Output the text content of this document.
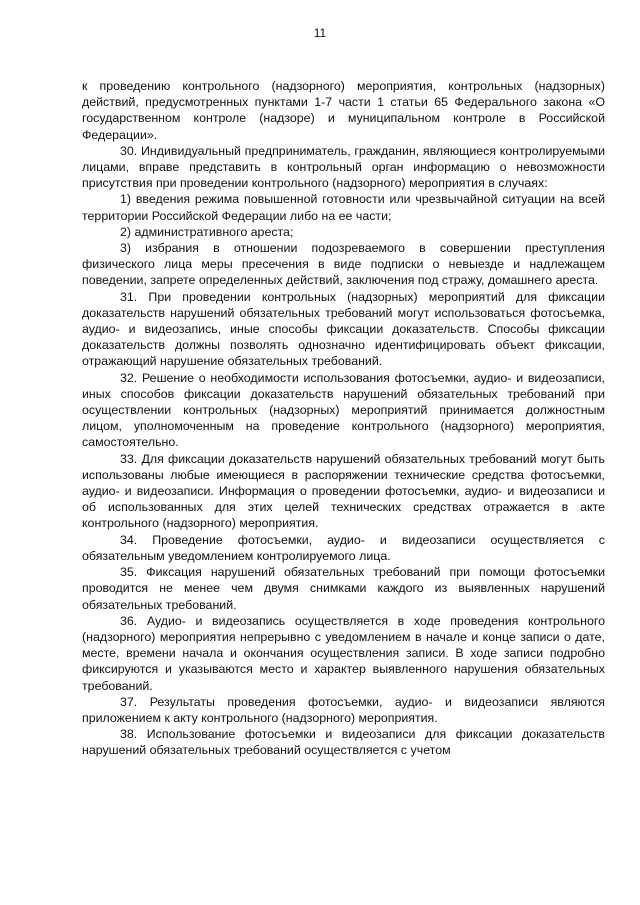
11

к проведению контрольного (надзорного) мероприятия, контрольных (надзорных) действий, предусмотренных пунктами 1-7 части 1 статьи 65 Федерального закона «О государственном контроле (надзоре) и муниципальном контроле в Российской Федерации».

30. Индивидуальный предприниматель, гражданин, являющиеся контролируемыми лицами, вправе представить в контрольный орган информацию о невозможности присутствия при проведении контрольного (надзорного) мероприятия в случаях:

1) введения режима повышенной готовности или чрезвычайной ситуации на всей территории Российской Федерации либо на ее части;

2) административного ареста;

3) избрания в отношении подозреваемого в совершении преступления физического лица меры пресечения в виде подписки о невыезде и надлежащем поведении, запрете определенных действий, заключения под стражу, домашнего ареста.

31. При проведении контрольных (надзорных) мероприятий для фиксации доказательств нарушений обязательных требований могут использоваться фотосъемка, аудио- и видеозапись, иные способы фиксации доказательств. Способы фиксации доказательств должны позволять однозначно идентифицировать объект фиксации, отражающий нарушение обязательных требований.

32. Решение о необходимости использования фотосъемки, аудио- и видеозаписи, иных способов фиксации доказательств нарушений обязательных требований при осуществлении контрольных (надзорных) мероприятий принимается должностным лицом, уполномоченным на проведение контрольного (надзорного) мероприятия, самостоятельно.

33. Для фиксации доказательств нарушений обязательных требований могут быть использованы любые имеющиеся в распоряжении технические средства фотосъемки, аудио- и видеозаписи. Информация о проведении фотосъемки, аудио- и видеозаписи и об использованных для этих целей технических средствах отражается в акте контрольного (надзорного) мероприятия.

34. Проведение фотосъемки, аудио- и видеозаписи осуществляется с обязательным уведомлением контролируемого лица.

35. Фиксация нарушений обязательных требований при помощи фотосъемки проводится не менее чем двумя снимками каждого из выявленных нарушений обязательных требований.

36. Аудио- и видеозапись осуществляется в ходе проведения контрольного (надзорного) мероприятия непрерывно с уведомлением в начале и конце записи о дате, месте, времени начала и окончания осуществления записи. В ходе записи подробно фиксируются и указываются место и характер выявленного нарушения обязательных требований.

37. Результаты проведения фотосъемки, аудио- и видеозаписи являются приложением к акту контрольного (надзорного) мероприятия.

38. Использование фотосъемки и видеозаписи для фиксации доказательств нарушений обязательных требований осуществляется с учетом
